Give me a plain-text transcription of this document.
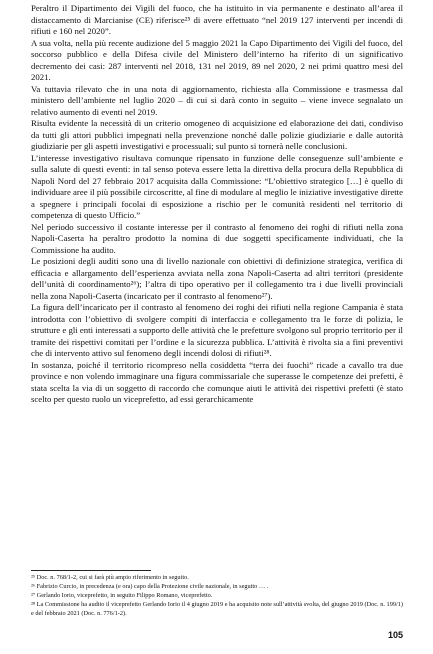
Peraltro il Dipartimento dei Vigili del fuoco, che ha istituito in via permanente e destinato all’area il distaccamento di Marcianise (CE) riferisce²⁵ di avere effettuato “nel 2019 127 interventi per incendi di rifiuti e 160 nel 2020”.

A sua volta, nella più recente audizione del 5 maggio 2021 la Capo Dipartimento dei Vigili del fuoco, del soccorso pubblico e della Difesa civile del Ministero dell’interno ha riferito di un significativo decremento dei casi: 287 interventi nel 2018, 131 nel 2019, 89 nel 2020, 2 nei primi quattro mesi del 2021.

Va tuttavia rilevato che in una nota di aggiornamento, richiesta alla Commissione e trasmessa dal ministero dell’ambiente nel luglio 2020 – di cui si darà conto in seguito – viene invece segnalato un relativo aumento di eventi nel 2019.

Risulta evidente la necessità di un criterio omogeneo di acquisizione ed elaborazione dei dati, condiviso da tutti gli attori pubblici impegnati nella prevenzione nonché dalle polizie giudiziarie e dalle autorità giudiziarie per gli aspetti investigativi e processuali; sul punto si tornerà nelle conclusioni.

L’interesse investigativo risultava comunque ripensato in funzione delle conseguenze sull’ambiente e sulla salute di questi eventi: in tal senso poteva essere letta la direttiva della procura della Repubblica di Napoli Nord del 27 febbraio 2017 acquisita dalla Commissione: “L’obiettivo strategico […] è quello di individuare aree il più possibile circoscritte, al fine di modulare al meglio le iniziative investigative dirette a spegnere i principali focolai di esposizione a rischio per le comunità residenti nel territorio di competenza di questo Ufficio.”

Nel periodo successivo il costante interesse per il contrasto al fenomeno dei roghi di rifiuti nella zona Napoli-Caserta ha peraltro prodotto la nomina di due soggetti specificamente individuati, che la Commissione ha audito.

Le posizioni degli auditi sono una di livello nazionale con obiettivi di definizione strategica, verifica di efficacia e allargamento dell’esperienza avviata nella zona Napoli-Caserta ad altri territori (presidente dell’unità di coordinamento²⁶); l’altra di tipo operativo per il collegamento tra i due livelli provinciali nella zona Napoli-Caserta (incaricato per il contrasto al fenomeno²⁷).

La figura dell’incaricato per il contrasto al fenomeno dei roghi dei rifiuti nella regione Campania è stata introdotta con l’obiettivo di svolgere compiti di interfaccia e collegamento tra le forze di polizia, le strutture e gli enti interessati a supporto delle attività che le prefetture svolgono sul proprio territorio per il tramite dei rispettivi comitati per l’ordine e la sicurezza pubblica. L’attività è rivolta sia a fini preventivi che di intervento attivo sul fenomeno degli incendi dolosi di rifiuti²⁸.

In sostanza, poiché il territorio ricompreso nella cosiddetta “terra dei fuochi” ricade a cavallo tra due province e non volendo immaginare una figura commissariale che superasse le competenze dei prefetti, è stata scelta la via di un soggetto di raccordo che comunque aiuti le attività dei rispettivi prefetti (è stato scelto per questo ruolo un viceprefetto, ad essi gerarchicamente

²⁵ Doc. n. 768/1-2, cui si farà più ampio riferimento in seguito.

²⁶ Fabrizio Curcio, in precedenza (e ora) capo della Protezione civile nazionale, in seguito … .

²⁷ Gerlando Iorio, viceprefetto, in seguito Filippo Romano, viceprefetto.

²⁸ La Commissione ha audito il viceprefetto Gerlando Iorio il 4 giugno 2019 e ha acquisito note sull’attività svolta, del giugno 2019 (Doc. n. 199/1) e del febbraio 2021 (Doc. n. 776/1-2).

105
